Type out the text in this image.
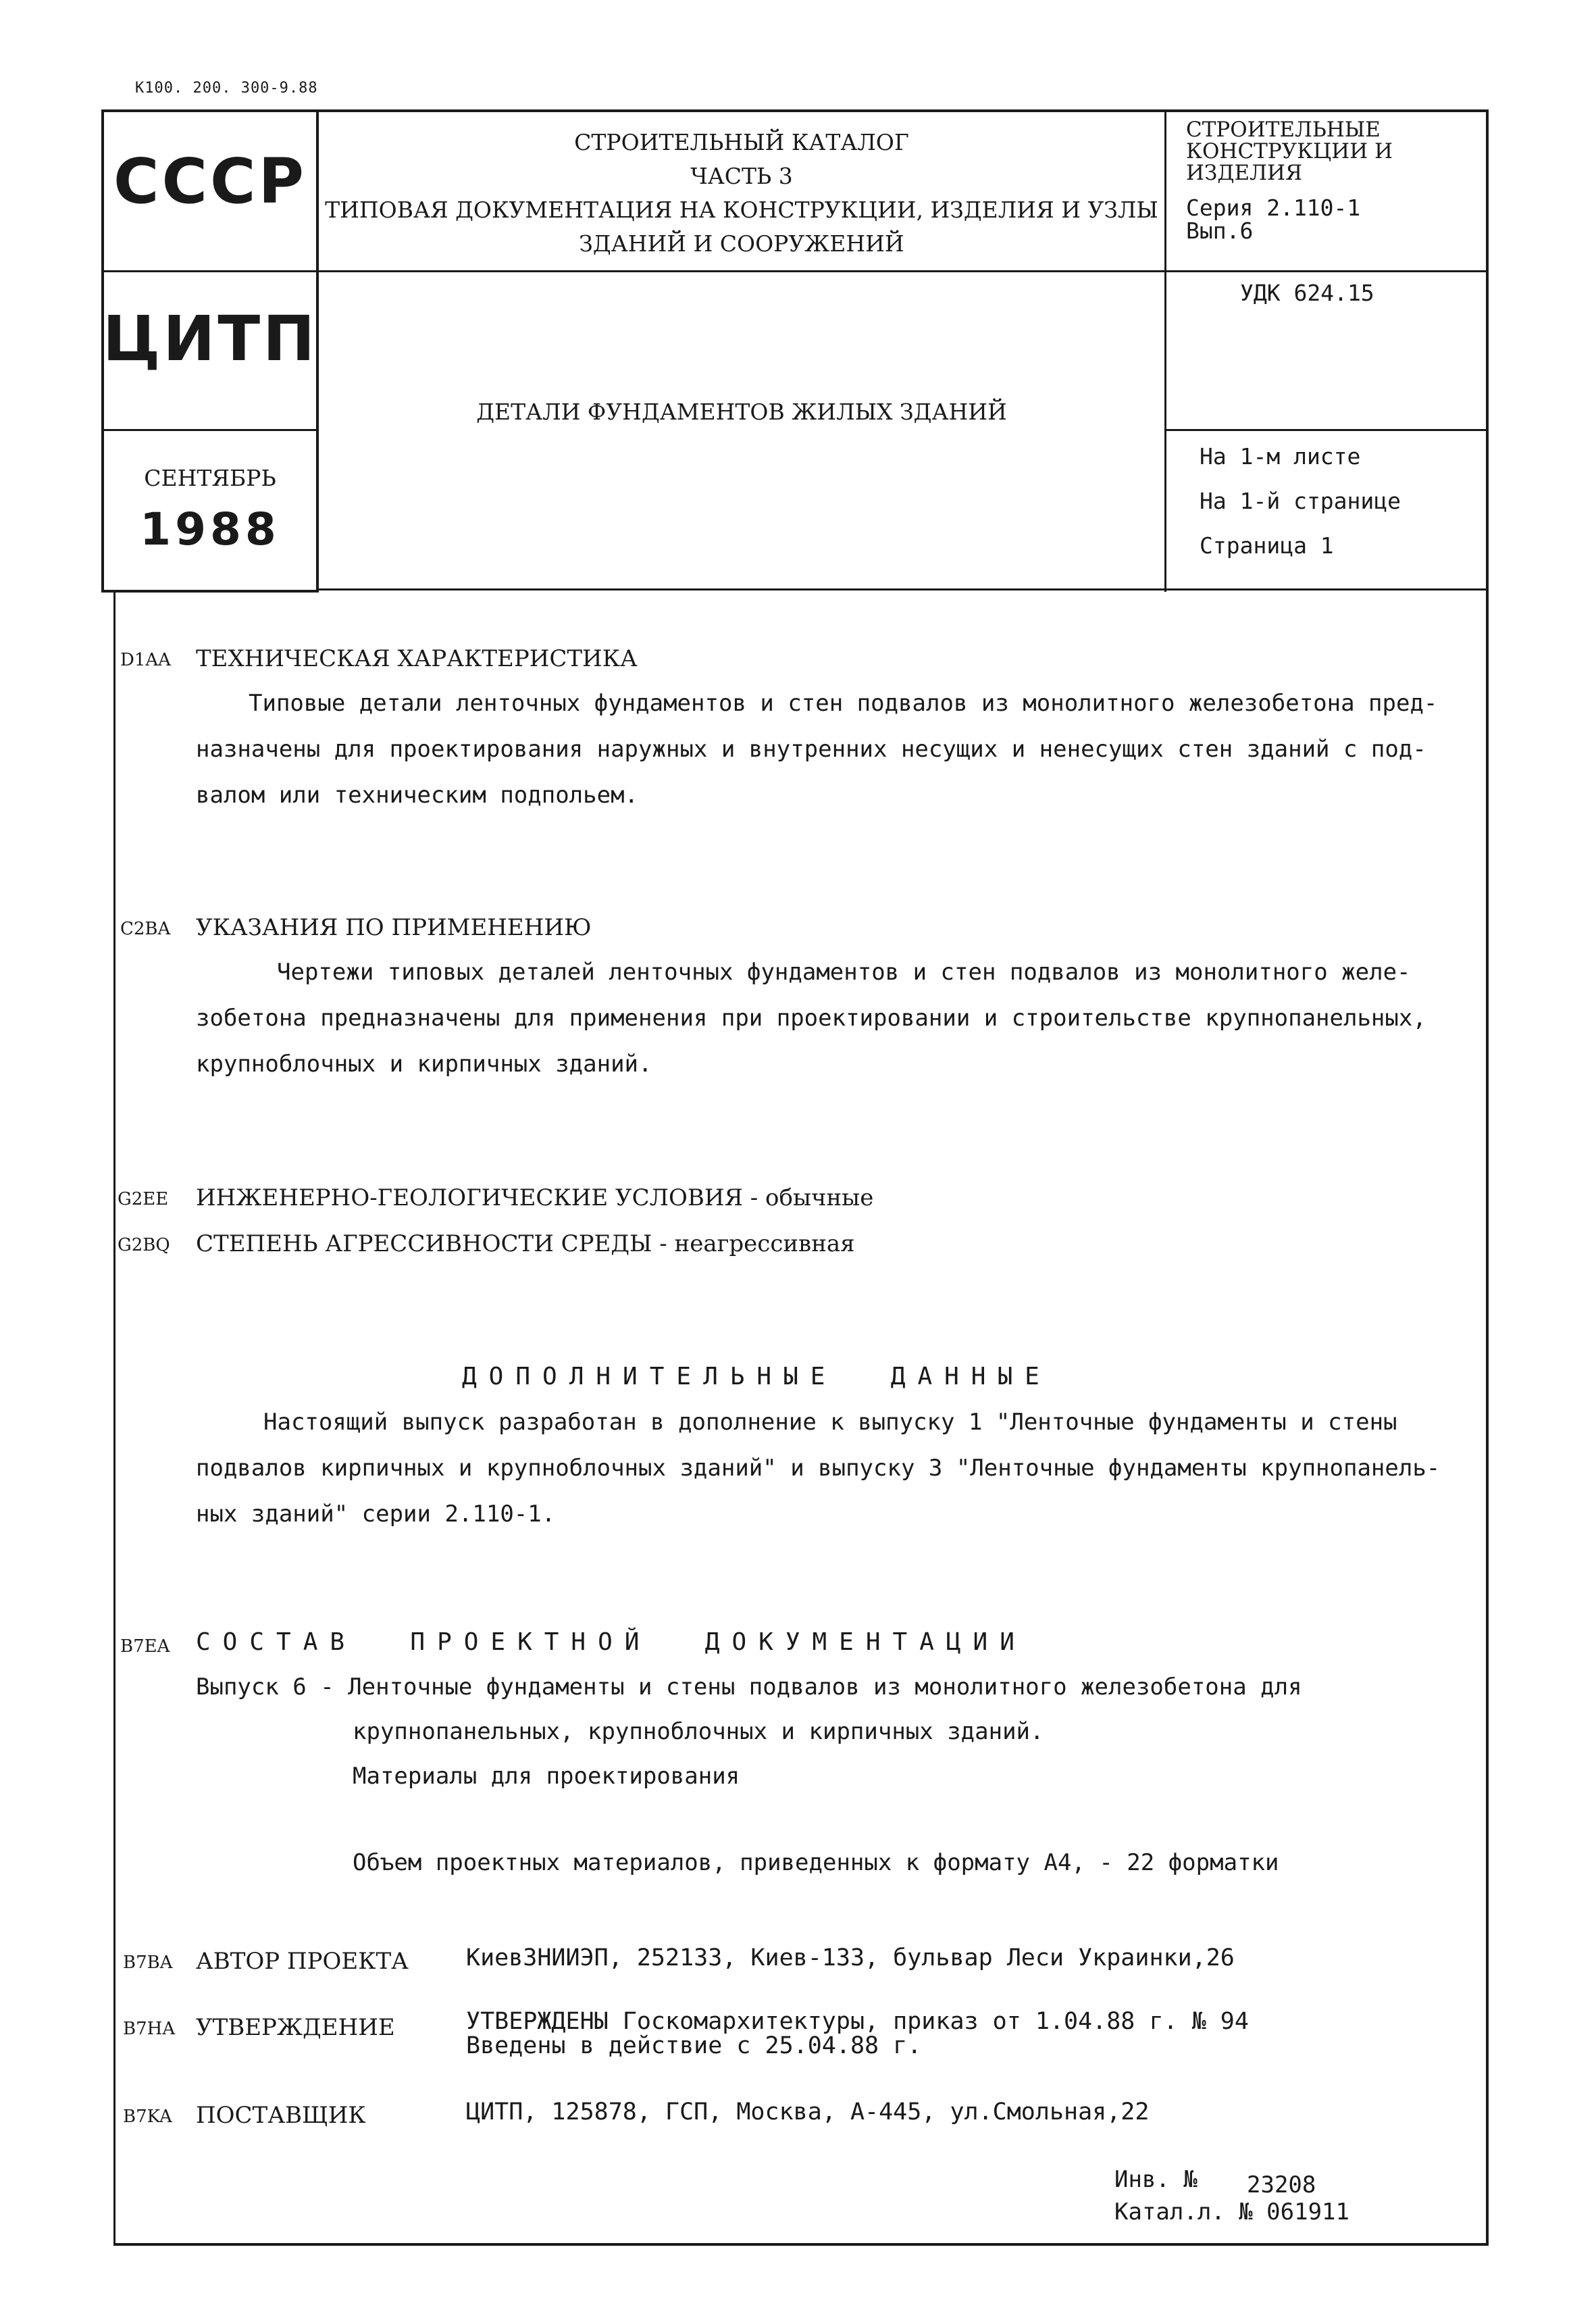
К100. 200. 300-9.88
СССР
ЦИТП
СЕНТЯБРЬ
1988
СТРОИТЕЛЬНЫЙ КАТАЛОГ
ЧАСТЬ 3
ТИПОВАЯ ДОКУМЕНТАЦИЯ НА КОНСТРУКЦИИ, ИЗДЕЛИЯ И УЗЛЫ
ЗДАНИЙ И СООРУЖЕНИЙ
ДЕТАЛИ ФУНДАМЕНТОВ ЖИЛЫХ ЗДАНИЙ
СТРОИТЕЛЬНЫЕ
КОНСТРУКЦИИ И
ИЗДЕЛИЯ
Серия 2.110-1
Вып.6
УДК 624.15
На 1-м листе
На 1-й странице
Страница 1
D1AA ТЕХНИЧЕСКАЯ ХАРАКТЕРИСТИКА
Типовые детали ленточных фундаментов и стен подвалов из монолитного железобетона пред-
назначены для проектирования наружных и внутренних несущих и ненесущих стен зданий с под-
валом или техническим подпольем.
C2BA УКАЗАНИЯ ПО ПРИМЕНЕНИЮ
Чертежи типовых деталей ленточных фундаментов и стен подвалов из монолитного желе-
зобетона предназначены для применения при проектировании и строительстве крупнопанельных,
крупноблочных и кирпичных зданий.
G2EE ИНЖЕНЕРНО-ГЕОЛОГИЧЕСКИЕ УСЛОВИЯ - обычные
G2BQ СТЕПЕНЬ АГРЕССИВНОСТИ СРЕДЫ - неагрессивная
ДОПОЛНИТЕЛЬНЫЕ  ДАННЫЕ
Настоящий выпуск разработан в дополнение к выпуску 1 "Ленточные фундаменты и стены
подвалов кирпичных и крупноблочных зданий" и выпуску 3 "Ленточные фундаменты крупнопанель-
ных зданий" серии 2.110-1.
B7EA СОСТАВ  ПРОЕКТНОЙ  ДОКУМЕНТАЦИИ
Выпуск 6 - Ленточные фундаменты и стены подвалов из монолитного железобетона для
крупнопанельных, крупноблочных и кирпичных зданий.
Материалы для проектирования
Объем проектных материалов, приведенных к формату А4, - 22 форматки
B7BA АВТОР ПРОЕКТА КиевЗНИИЭП, 252133, Киев-133, бульвар Леси Украинки,26
B7HA УТВЕРЖДЕНИЕ	УТВЕРЖДЕНЫ Госкомархитектуры, приказ от 1.04.88 г. № 94
Введены в действие с 25.04.88 г.
B7KA ПОСТАВЩИК	ЦИТП, 125878, ГСП, Москва, А-445, ул.Смольная,22
Инв. № 23208
Катал.л. № 061911
